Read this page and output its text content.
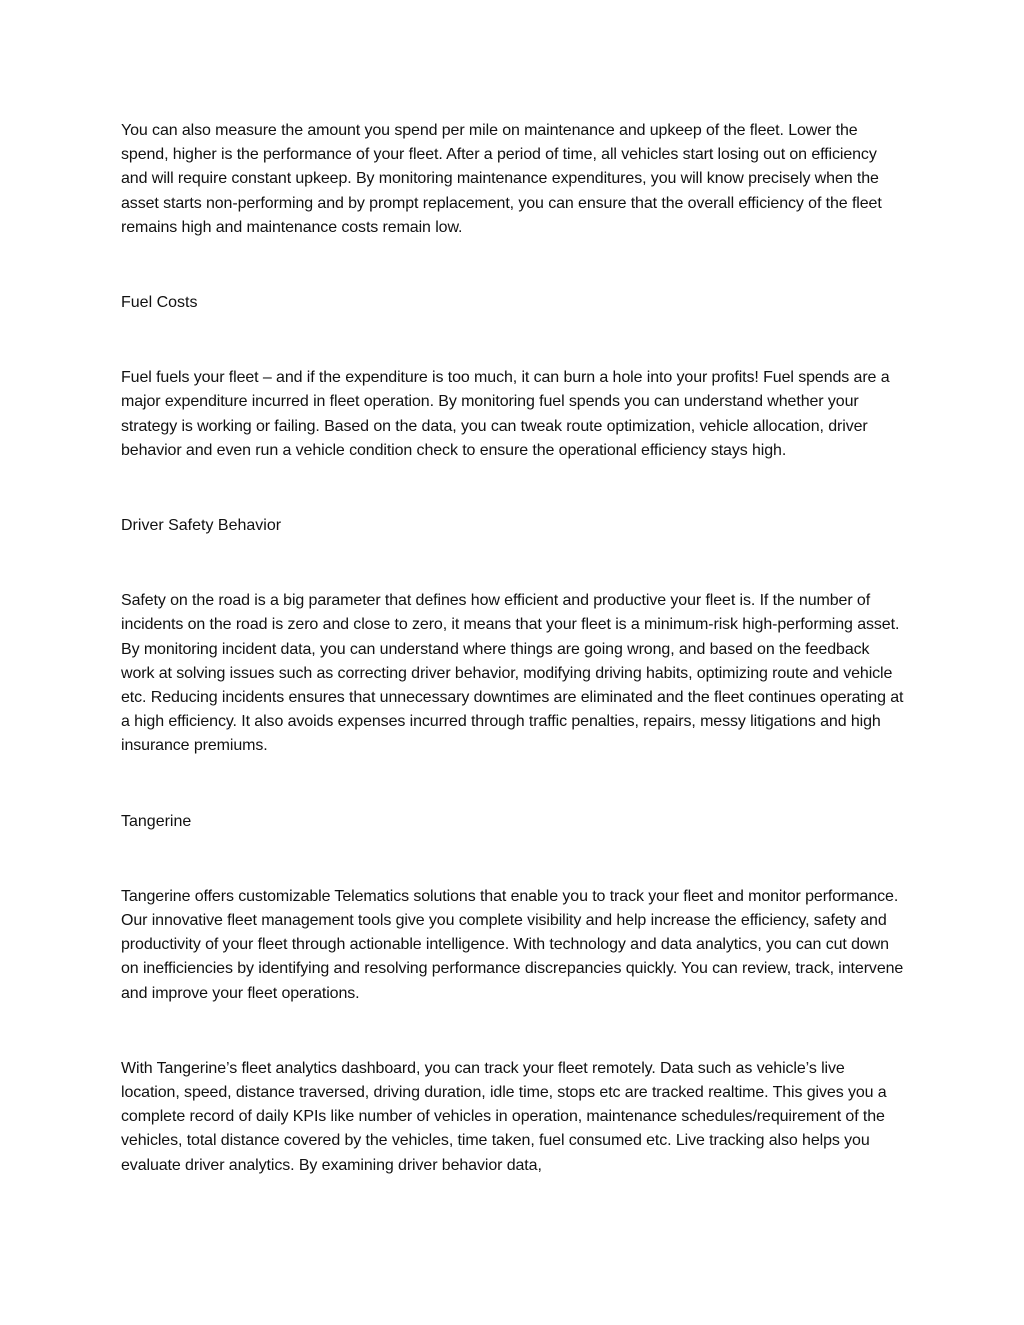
You can also measure the amount you spend per mile on maintenance and upkeep of the fleet. Lower the spend, higher is the performance of your fleet. After a period of time, all vehicles start losing out on efficiency and will require constant upkeep. By monitoring maintenance expenditures, you will know precisely when the asset starts non-performing and by prompt replacement, you can ensure that the overall efficiency of the fleet remains high and maintenance costs remain low.

Fuel Costs

Fuel fuels your fleet – and if the expenditure is too much, it can burn a hole into your profits! Fuel spends are a major expenditure incurred in fleet operation. By monitoring fuel spends you can understand whether your strategy is working or failing. Based on the data, you can tweak route optimization, vehicle allocation, driver behavior and even run a vehicle condition check to ensure the operational efficiency stays high.

Driver Safety Behavior

Safety on the road is a big parameter that defines how efficient and productive your fleet is. If the number of incidents on the road is zero and close to zero, it means that your fleet is a minimum-risk high-performing asset. By monitoring incident data, you can understand where things are going wrong, and based on the feedback work at solving issues such as correcting driver behavior, modifying driving habits, optimizing route and vehicle etc. Reducing incidents ensures that unnecessary downtimes are eliminated and the fleet continues operating at a high efficiency. It also avoids expenses incurred through traffic penalties, repairs, messy litigations and high insurance premiums.

Tangerine

Tangerine offers customizable Telematics solutions that enable you to track your fleet and monitor performance. Our innovative fleet management tools give you complete visibility and help increase the efficiency, safety and productivity of your fleet through actionable intelligence. With technology and data analytics, you can cut down on inefficiencies by identifying and resolving performance discrepancies quickly. You can review, track, intervene and improve your fleet operations.

With Tangerine’s fleet analytics dashboard, you can track your fleet remotely. Data such as vehicle’s live location, speed, distance traversed, driving duration, idle time, stops etc are tracked realtime. This gives you a complete record of daily KPIs like number of vehicles in operation, maintenance schedules/requirement of the vehicles, total distance covered by the vehicles, time taken, fuel consumed etc. Live tracking also helps you evaluate driver analytics. By examining driver behavior data,
